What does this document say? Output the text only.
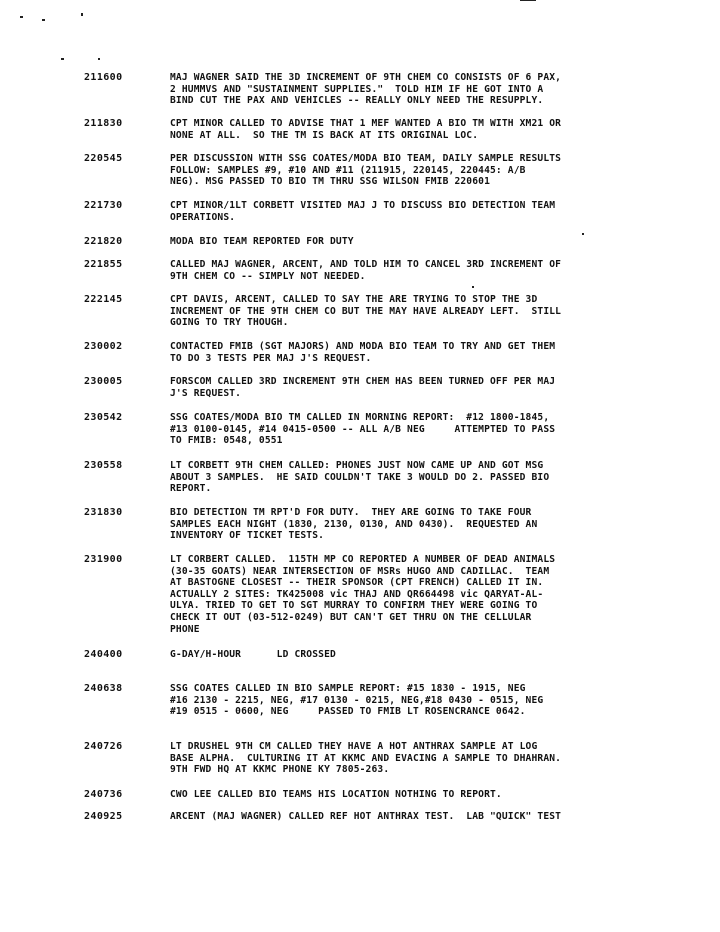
211600	MAJ WAGNER SAID THE 3D INCREMENT OF 9TH CHEM CO CONSISTS OF 6 PAX,
2 HUMMVS AND "SUSTAINMENT SUPPLIES."  TOLD HIM IF HE GOT INTO A
BIND CUT THE PAX AND VEHICLES -- REALLY ONLY NEED THE RESUPPLY.
211830	CPT MINOR CALLED TO ADVISE THAT 1 MEF WANTED A BIO TM WITH XM21 OR
NONE AT ALL.  SO THE TM IS BACK AT ITS ORIGINAL LOC.
220545	PER DISCUSSION WITH SSG COATES/MODA BIO TEAM, DAILY SAMPLE RESULTS
FOLLOW: SAMPLES #9, #10 AND #11 (211915, 220145, 220445: A/B
NEG). MSG PASSED TO BIO TM THRU SSG WILSON FMIB 220601
221730	CPT MINOR/1LT CORBETT VISITED MAJ J TO DISCUSS BIO DETECTION TEAM
OPERATIONS.
221820	MODA BIO TEAM REPORTED FOR DUTY
221855	CALLED MAJ WAGNER, ARCENT, AND TOLD HIM TO CANCEL 3RD INCREMENT OF
9TH CHEM CO -- SIMPLY NOT NEEDED.
222145	CPT DAVIS, ARCENT, CALLED TO SAY THE ARE TRYING TO STOP THE 3D
INCREMENT OF THE 9TH CHEM CO BUT THE MAY HAVE ALREADY LEFT.  STILL
GOING TO TRY THOUGH.
230002	CONTACTED FMIB (SGT MAJORS) AND MODA BIO TEAM TO TRY AND GET THEM
TO DO 3 TESTS PER MAJ J'S REQUEST.
230005	FORSCOM CALLED 3RD INCREMENT 9TH CHEM HAS BEEN TURNED OFF PER MAJ
J'S REQUEST.
230542	SSG COATES/MODA BIO TM CALLED IN MORNING REPORT:  #12 1800-1845,
#13 0100-0145, #14 0415-0500 -- ALL A/B NEG     ATTEMPTED TO PASS
TO FMIB: 0548, 0551
230558	LT CORBETT 9TH CHEM CALLED: PHONES JUST NOW CAME UP AND GOT MSG
ABOUT 3 SAMPLES.  HE SAID COULDN'T TAKE 3 WOULD DO 2. PASSED BIO
REPORT.
231830	BIO DETECTION TM RPT'D FOR DUTY.  THEY ARE GOING TO TAKE FOUR
SAMPLES EACH NIGHT (1830, 2130, 0130, AND 0430).  REQUESTED AN
INVENTORY OF TICKET TESTS.
231900	LT CORBERT CALLED.  115TH MP CO REPORTED A NUMBER OF DEAD ANIMALS
(30-35 GOATS) NEAR INTERSECTION OF MSRs HUGO AND CADILLAC.  TEAM
AT BASTOGNE CLOSEST -- THEIR SPONSOR (CPT FRENCH) CALLED IT IN.
ACTUALLY 2 SITES: TK425008 vic THAJ AND QR664498 vic QARYAT-AL-
ULYA. TRIED TO GET TO SGT MURRAY TO CONFIRM THEY WERE GOING TO
CHECK IT OUT (03-512-0249) BUT CAN'T GET THRU ON THE CELLULAR
PHONE
240400	G-DAY/H-HOUR      LD CROSSED
240638	SSG COATES CALLED IN BIO SAMPLE REPORT: #15 1830 - 1915, NEG
#16 2130 - 2215, NEG, #17 0130 - 0215, NEG,#18 0430 - 0515, NEG
#19 0515 - 0600, NEG     PASSED TO FMIB LT ROSENCRANCE 0642.
240726	LT DRUSHEL 9TH CM CALLED THEY HAVE A HOT ANTHRAX SAMPLE AT LOG
BASE ALPHA.  CULTURING IT AT KKMC AND EVACING A SAMPLE TO DHAHRAN.
9TH FWD HQ AT KKMC PHONE KY 7805-263.
240736	CWO LEE CALLED BIO TEAMS HIS LOCATION NOTHING TO REPORT.
240925	ARCENT (MAJ WAGNER) CALLED REF HOT ANTHRAX TEST.  LAB "QUICK" TEST
